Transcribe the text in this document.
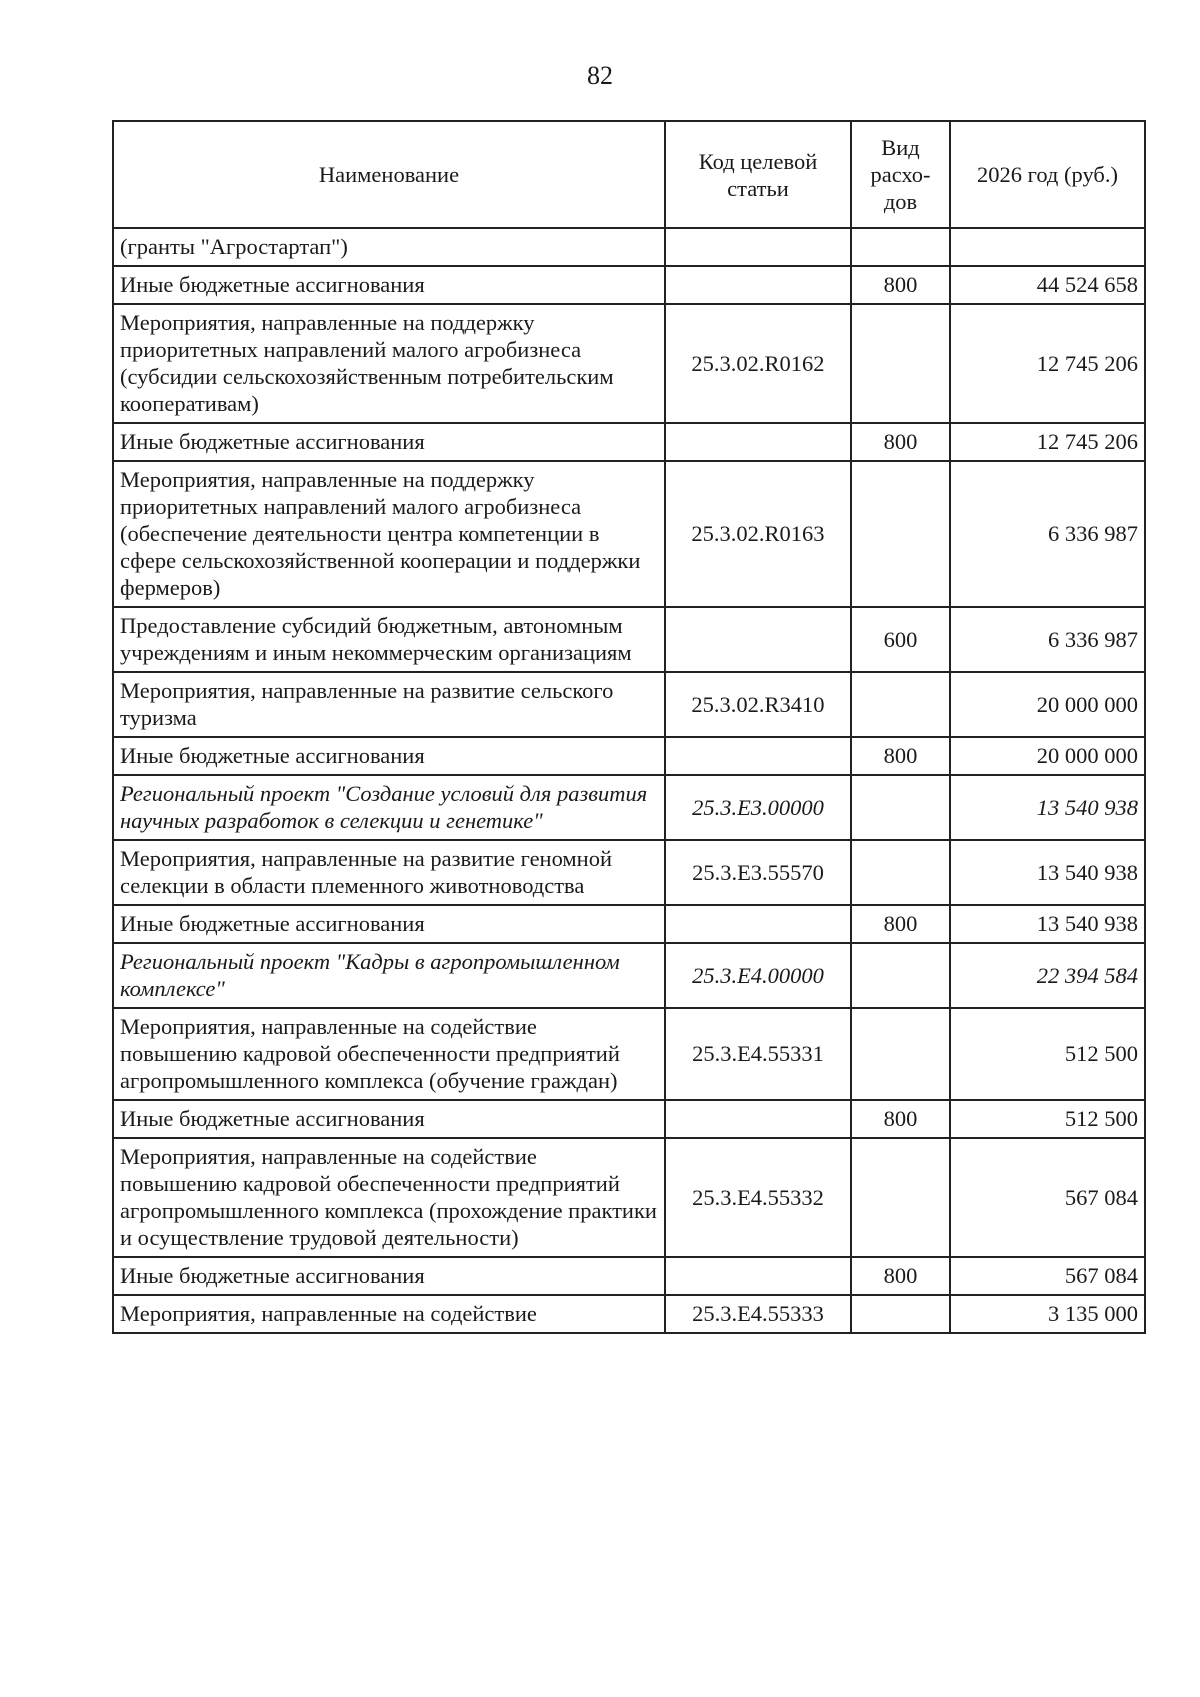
82
Наименование	Код целевой статьи	Вид расхо-дов	2026 год (руб.)
(гранты "Агростартап")			
Иные бюджетные ассигнования		800	44 524 658
Мероприятия, направленные на поддержку приоритетных направлений малого агробизнеса (субсидии сельскохозяйственным потребительским кооперативам)	25.3.02.R0162		12 745 206
Иные бюджетные ассигнования		800	12 745 206
Мероприятия, направленные на поддержку приоритетных направлений малого агробизнеса (обеспечение деятельности центра компетенции в сфере сельскохозяйственной кооперации и поддержки фермеров)	25.3.02.R0163		6 336 987
Предоставление субсидий бюджетным, автономным учреждениям и иным некоммерческим организациям		600	6 336 987
Мероприятия, направленные на развитие сельского туризма	25.3.02.R3410		20 000 000
Иные бюджетные ассигнования		800	20 000 000
Региональный проект "Создание условий для развития научных разработок в селекции и генетике"	25.3.E3.00000		13 540 938
Мероприятия, направленные на развитие геномной селекции в области племенного животноводства	25.3.E3.55570		13 540 938
Иные бюджетные ассигнования		800	13 540 938
Региональный проект "Кадры в агропромышленном комплексе"	25.3.E4.00000		22 394 584
Мероприятия, направленные на содействие повышению кадровой обеспеченности предприятий агропромышленного комплекса (обучение граждан)	25.3.E4.55331		512 500
Иные бюджетные ассигнования		800	512 500
Мероприятия, направленные на содействие повышению кадровой обеспеченности предприятий агропромышленного комплекса (прохождение практики и осуществление трудовой деятельности)	25.3.E4.55332		567 084
Иные бюджетные ассигнования		800	567 084
Мероприятия, направленные на содействие	25.3.E4.55333		3 135 000
